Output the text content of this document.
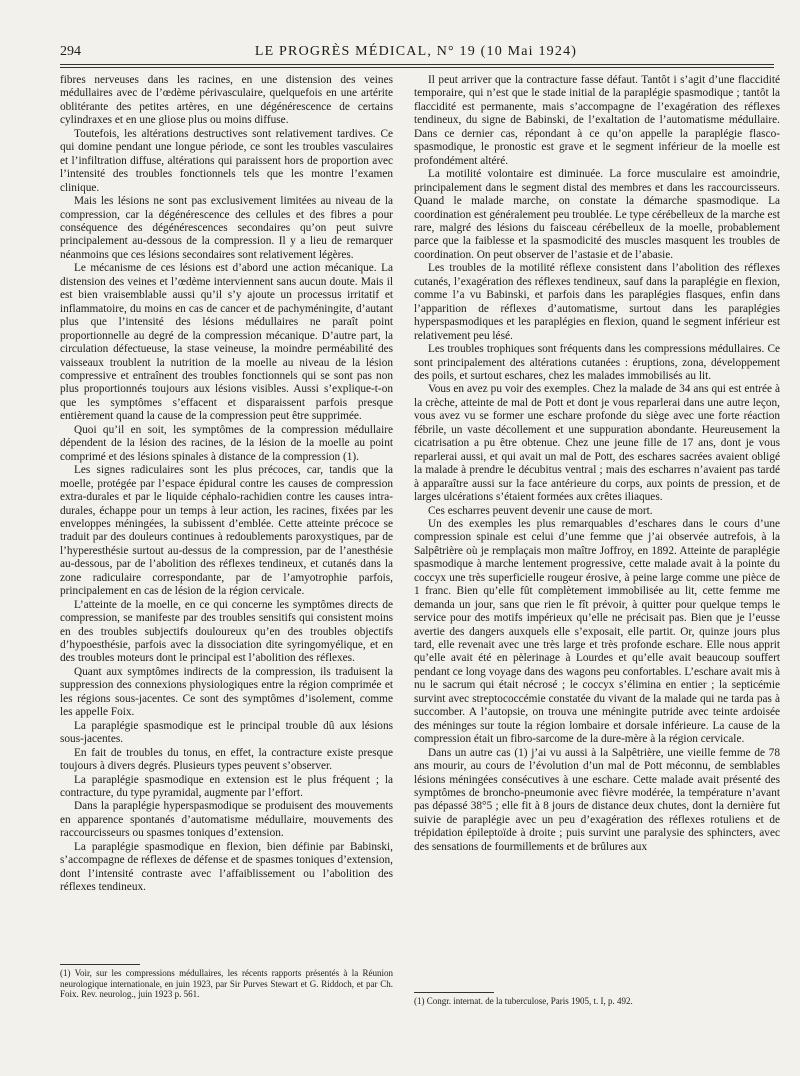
294	LE PROGRÈS MÉDICAL, N° 19 (10 Mai 1924)

fibres nerveuses dans les racines, en une distension des veines médullaires avec de l’œdème périvasculaire, quelquefois en une artérite oblitérante des petites artères, en une dégénérescence de certains cylindraxes et en une gliose plus ou moins diffuse.

Toutefois, les altérations destructives sont relativement tardives. Ce qui domine pendant une longue période, ce sont les troubles vasculaires et l’infiltration diffuse, altérations qui paraissent hors de proportion avec l’intensité des troubles fonctionnels tels que les montre l’examen clinique.

Mais les lésions ne sont pas exclusivement limitées au niveau de la compression, car la dégénérescence des cellules et des fibres a pour conséquence des dégénérescences secondaires qu’on peut suivre principalement au-dessous de la compression. Il y a lieu de remarquer néanmoins que ces lésions secondaires sont relativement légères.

Le mécanisme de ces lésions est d’abord une action mécanique. La distension des veines et l’œdème interviennent sans aucun doute. Mais il est bien vraisemblable aussi qu’il s’y ajoute un processus irritatif et inflammatoire, du moins en cas de cancer et de pachyméningite, d’autant plus que l’intensité des lésions médullaires ne paraît point proportionnelle au degré de la compression mécanique. D’autre part, la circulation défectueuse, la stase veineuse, la moindre perméabilité des vaisseaux troublent la nutrition de la moelle au niveau de la lésion compressive et entraînent des troubles fonctionnels qui se sont pas non plus proportionnés toujours aux lésions visibles. Aussi s’explique-t-on que les symptômes s’effacent et disparaissent parfois presque entièrement quand la cause de la compression peut être supprimée.

Quoi qu’il en soit, les symptômes de la compression médullaire dépendent de la lésion des racines, de la lésion de la moelle au point comprimé et des lésions spinales à distance de la compression (1).

Les signes radiculaires sont les plus précoces, car, tandis que la moelle, protégée par l’espace épidural contre les causes de compression extra-durales et par le liquide céphalo-rachidien contre les causes intra-durales, échappe pour un temps à leur action, les racines, fixées par les enveloppes méningées, la subissent d’emblée. Cette atteinte précoce se traduit par des douleurs continues à redoublements paroxystiques, par de l’hyperesthésie surtout au-dessus de la compression, par de l’anesthésie au-dessous, par de l’abolition des réflexes tendineux, et cutanés dans la zone radiculaire correspondante, par de l’amyotrophie parfois, principalement en cas de lésion de la région cervicale.

L’atteinte de la moelle, en ce qui concerne les symptômes directs de compression, se manifeste par des troubles sensitifs qui consistent moins en des troubles subjectifs douloureux qu’en des troubles objectifs d’hypoesthésie, parfois avec la dissociation dite syringomyélique, et en des troubles moteurs dont le principal est l’abolition des réflexes.

Quant aux symptômes indirects de la compression, ils traduisent la suppression des connexions physiologiques entre la région comprimée et les régions sous-jacentes. Ce sont des symptômes d’isolement, comme les appelle Foix.

La paraplégie spasmodique est le principal trouble dû aux lésions sous-jacentes.

En fait de troubles du tonus, en effet, la contracture existe presque toujours à divers degrés. Plusieurs types peuvent s’observer.

La paraplégie spasmodique en extension est le plus fréquent ; la contracture, du type pyramidal, augmente par l’effort.

Dans la paraplégie hyperspasmodique se produisent des mouvements en apparence spontanés d’automatisme médullaire, mouvements des raccourcisseurs ou spasmes toniques d’extension.

La paraplégie spasmodique en flexion, bien définie par Babinski, s’accompagne de réflexes de défense et de spasmes toniques d’extension, dont l’intensité contraste avec l’affaiblissement ou l’abolition des réflexes tendineux.

Il peut arriver que la contracture fasse défaut. Tantôt i s’agit d’une flaccidité temporaire, qui n’est que le stade initial de la paraplégie spasmodique ; tantôt la flaccidité est permanente, mais s’accompagne de l’exagération des réflexes tendineux, du signe de Babinski, de l’exaltation de l’automatisme médullaire. Dans ce dernier cas, répondant à ce qu’on appelle la paraplégie flasco-spasmodique, le pronostic est grave et le segment inférieur de la moelle est profondément altéré.

La motilité volontaire est diminuée. La force musculaire est amoindrie, principalement dans le segment distal des membres et dans les raccourcisseurs. Quand le malade marche, on constate la démarche spasmodique. La coordination est généralement peu troublée. Le type cérébelleux de la marche est rare, malgré des lésions du faisceau cérébelleux de la moelle, probablement parce que la faiblesse et la spasmodicité des muscles masquent les troubles de coordination. On peut observer de l’astasie et de l’abasie.

Les troubles de la motilité réflexe consistent dans l’abolition des réflexes cutanés, l’exagération des réflexes tendineux, sauf dans la paraplégie en flexion, comme l’a vu Babinski, et parfois dans les paraplégies flasques, enfin dans l’apparition de réflexes d’automatisme, surtout dans les paraplégies hyperspasmodiques et les paraplégies en flexion, quand le segment inférieur est relativement peu lésé.

Les troubles trophiques sont fréquents dans les compressions médullaires. Ce sont principalement des altérations cutanées : éruptions, zona, développement des poils, et surtout eschares, chez les malades immobilisés au lit.

Vous en avez pu voir des exemples. Chez la malade de 34 ans qui est entrée à la crèche, atteinte de mal de Pott et dont je vous reparlerai dans une autre leçon, vous avez vu se former une eschare profonde du siège avec une forte réaction fébrile, un vaste décollement et une suppuration abondante. Heureusement la cicatrisation a pu être obtenue. Chez une jeune fille de 17 ans, dont je vous reparlerai aussi, et qui avait un mal de Pott, des eschares sacrées avaient obligé la malade à prendre le décubitus ventral ; mais des escharres n’avaient pas tardé à apparaître aussi sur la face antérieure du corps, aux points de pression, et de larges ulcérations s’étaient formées aux crêtes iliaques.

Ces escharres peuvent devenir une cause de mort.

Un des exemples les plus remarquables d’eschares dans le cours d’une compression spinale est celui d’une femme que j’ai observée autrefois, à la Salpêtrière où je remplaçais mon maître Joffroy, en 1892. Atteinte de paraplégie spasmodique à marche lentement progressive, cette malade avait à la pointe du coccyx une très superficielle rougeur érosive, à peine large comme une pièce de 1 franc. Bien qu’elle fût complètement immobilisée au lit, cette femme me demanda un jour, sans que rien le fît prévoir, à quitter pour quelque temps le service pour des motifs impérieux qu’elle ne précisait pas. Bien que je l’eusse avertie des dangers auxquels elle s’exposait, elle partit. Or, quinze jours plus tard, elle revenait avec une très large et très profonde eschare. Elle nous apprit qu’elle avait été en pèlerinage à Lourdes et qu’elle avait beaucoup souffert pendant ce long voyage dans des wagons peu confortables. L’eschare avait mis à nu le sacrum qui était nécrosé ; le coccyx s’élimina en entier ; la septicémie survint avec streptococcémie constatée du vivant de la malade qui ne tarda pas à succomber. A l’autopsie, on trouva une méningite putride avec teinte ardoisée des méninges sur toute la région lombaire et dorsale inférieure. La cause de la compression était un fibro-sarcome de la dure-mère à la région cervicale.

Dans un autre cas (1) j’ai vu aussi à la Salpêtrière, une vieille femme de 78 ans mourir, au cours de l’évolution d’un mal de Pott méconnu, de semblables lésions méningées consécutives à une eschare. Cette malade avait présenté des symptômes de broncho-pneumonie avec fièvre modérée, la température n’avant pas dépassé 38°5 ; elle fit à 8 jours de distance deux chutes, dont la dernière fut suivie de paraplégie avec un peu d’exagération des réflexes rotuliens et de trépidation épileptoïde à droite ; puis survint une paralysie des sphincters, avec des sensations de fourmillements et de brûlures aux

(1) Voir, sur les compressions médullaires, les récents rapports présentés à la Réunion neurologique internationale, en juin 1923, par Sir Purves Stewart et G. Riddoch, et par Ch. Foix. Rev. neurolog., juin 1923 p. 561.
(1) Congr. internat. de la tuberculose, Paris 1905, t. I, p. 492.
